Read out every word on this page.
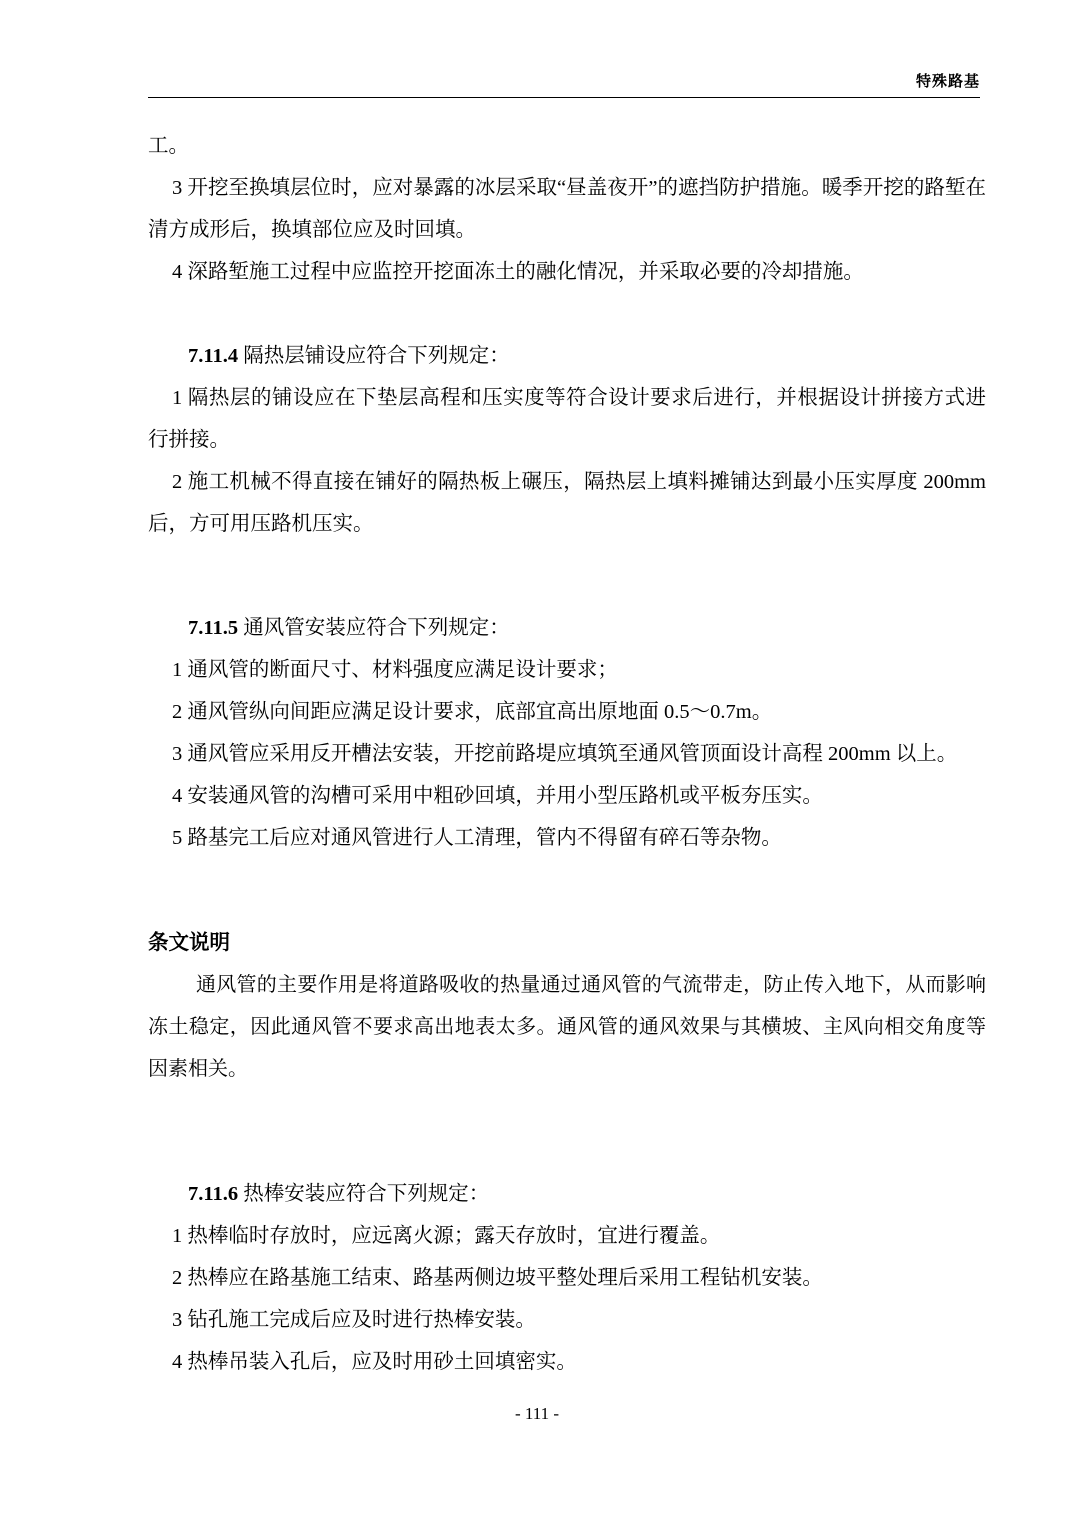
特殊路基

工。

3 开挖至换填层位时，应对暴露的冰层采取“昼盖夜开”的遮挡防护措施。暖季开挖的路堑在清方成形后，换填部位应及时回填。

4 深路堑施工过程中应监控开挖面冻土的融化情况，并采取必要的冷却措施。

7.11.4 隔热层铺设应符合下列规定：

1 隔热层的铺设应在下垫层高程和压实度等符合设计要求后进行，并根据设计拼接方式进行拼接。

2 施工机械不得直接在铺好的隔热板上碾压，隔热层上填料摊铺达到最小压实厚度 200mm 后，方可用压路机压实。

7.11.5 通风管安装应符合下列规定：

1 通风管的断面尺寸、材料强度应满足设计要求；

2 通风管纵向间距应满足设计要求，底部宜高出原地面 0.5～0.7m。

3 通风管应采用反开槽法安装，开挖前路堤应填筑至通风管顶面设计高程 200mm 以上。

4 安装通风管的沟槽可采用中粗砂回填，并用小型压路机或平板夯压实。

5 路基完工后应对通风管进行人工清理，管内不得留有碎石等杂物。

条文说明

通风管的主要作用是将道路吸收的热量通过通风管的气流带走，防止传入地下，从而影响冻土稳定，因此通风管不要求高出地表太多。通风管的通风效果与其横坡、主风向相交角度等因素相关。

7.11.6 热棒安装应符合下列规定：

1 热棒临时存放时，应远离火源；露天存放时，宜进行覆盖。

2 热棒应在路基施工结束、路基两侧边坡平整处理后采用工程钻机安装。

3 钻孔施工完成后应及时进行热棒安装。

4 热棒吊装入孔后，应及时用砂土回填密实。

- 111 -
